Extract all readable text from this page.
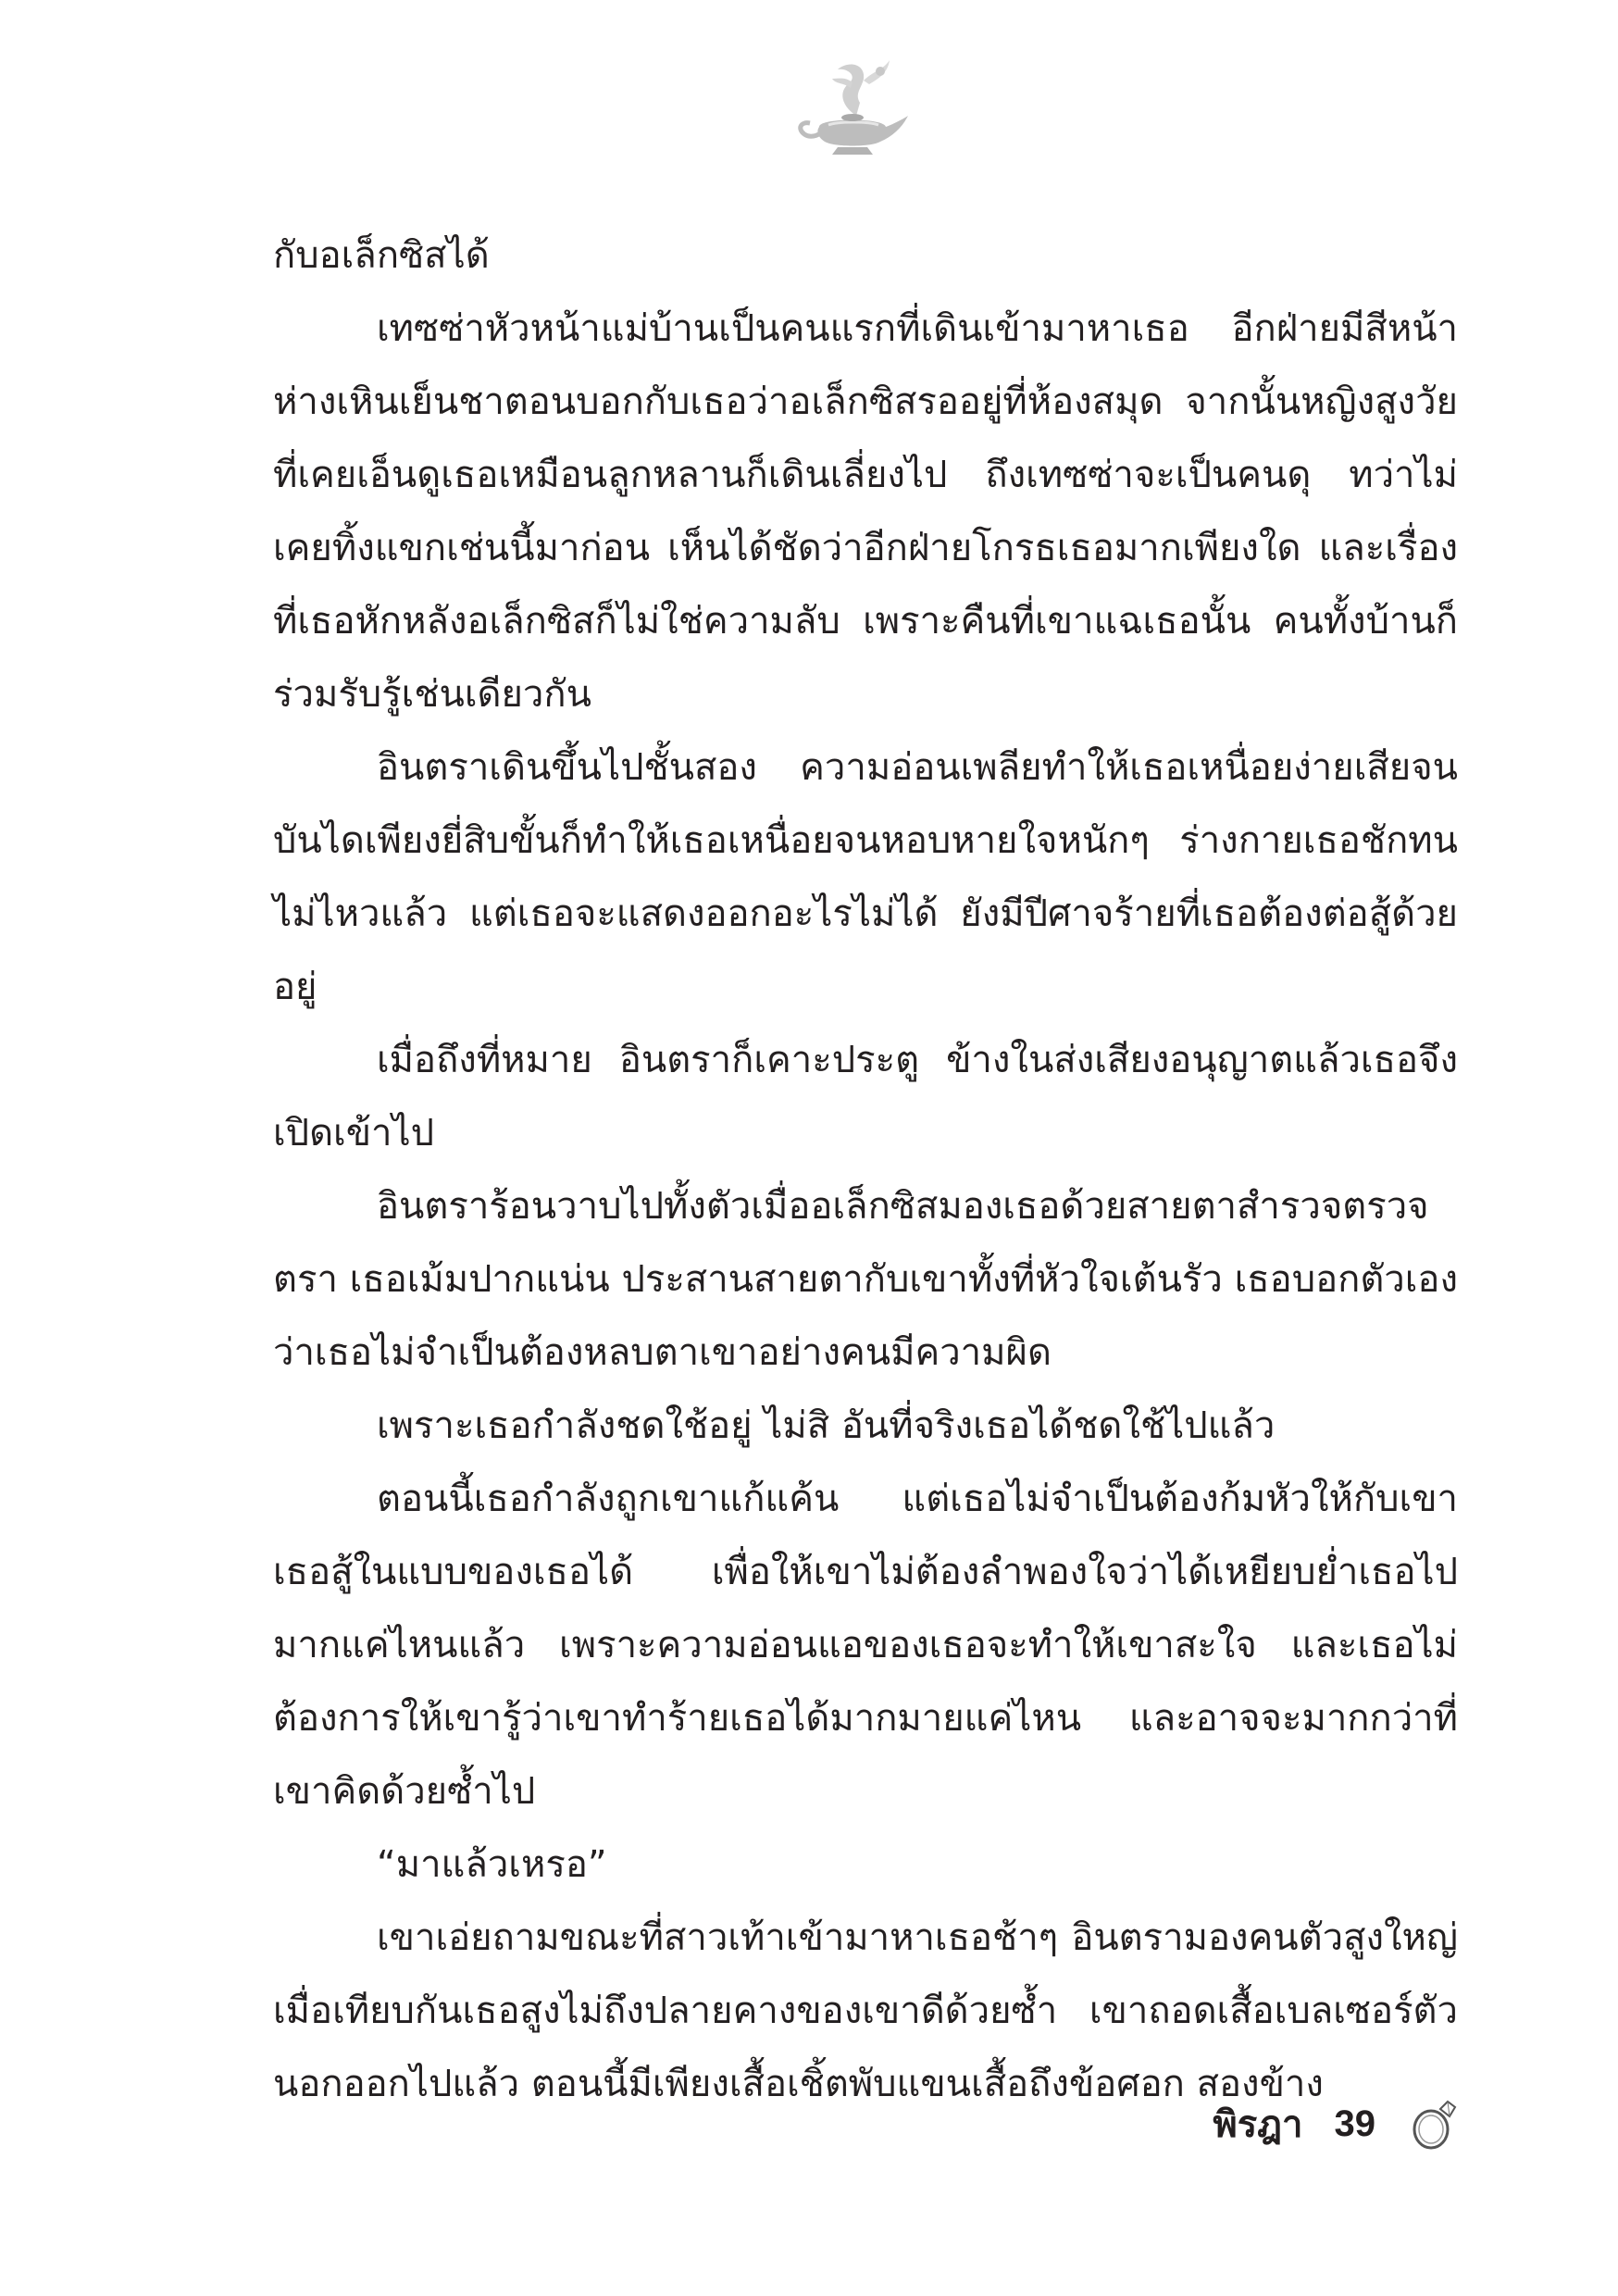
กับอเล็กซิสได้

เทซซ่าหัวหน้าแม่บ้านเป็นคนแรกที่เดินเข้ามาหาเธอ อีกฝ่ายมีสีหน้าห่างเหินเย็นชาตอนบอกกับเธอว่าอเล็กซิสรออยู่ที่ห้องสมุด จากนั้นหญิงสูงวัยที่เคยเอ็นดูเธอเหมือนลูกหลานก็เดินเลี่ยงไป ถึงเทซซ่าจะเป็นคนดุ ทว่าไม่เคยทิ้งแขกเช่นนี้มาก่อน เห็นได้ชัดว่าอีกฝ่ายโกรธเธอมากเพียงใด และเรื่องที่เธอหักหลังอเล็กซิสก็ไม่ใช่ความลับ เพราะคืนที่เขาแฉเธอนั้น คนทั้งบ้านก็ร่วมรับรู้เช่นเดียวกัน

อินตราเดินขึ้นไปชั้นสอง ความอ่อนเพลียทำให้เธอเหนื่อยง่ายเสียจนบันไดเพียงยี่สิบขั้นก็ทำให้เธอเหนื่อยจนหอบหายใจหนักๆ ร่างกายเธอชักทนไม่ไหวแล้ว แต่เธอจะแสดงออกอะไรไม่ได้ ยังมีปีศาจร้ายที่เธอต้องต่อสู้ด้วยอยู่

เมื่อถึงที่หมาย อินตราก็เคาะประตู ข้างในส่งเสียงอนุญาตแล้วเธอจึงเปิดเข้าไป

อินตราร้อนวาบไปทั้งตัวเมื่ออเล็กซิสมองเธอด้วยสายตาสำรวจตรวจตรา เธอเม้มปากแน่น ประสานสายตากับเขาทั้งที่หัวใจเต้นรัว เธอบอกตัวเองว่าเธอไม่จำเป็นต้องหลบตาเขาอย่างคนมีความผิด

เพราะเธอกำลังชดใช้อยู่ ไม่สิ อันที่จริงเธอได้ชดใช้ไปแล้ว

ตอนนี้เธอกำลังถูกเขาแก้แค้น แต่เธอไม่จำเป็นต้องก้มหัวให้กับเขา เธอสู้ในแบบของเธอได้ เพื่อให้เขาไม่ต้องลำพองใจว่าได้เหยียบย่ำเธอไปมากแค่ไหนแล้ว เพราะความอ่อนแอของเธอจะทำให้เขาสะใจ และเธอไม่ต้องการให้เขารู้ว่าเขาทำร้ายเธอได้มากมายแค่ไหน และอาจจะมากกว่าที่เขาคิดด้วยซ้ำไป

“มาแล้วเหรอ”

เขาเอ่ยถามขณะที่สาวเท้าเข้ามาหาเธอช้าๆ อินตรามองคนตัวสูงใหญ่เมื่อเทียบกันเธอสูงไม่ถึงปลายคางของเขาดีด้วยซ้ำ เขาถอดเสื้อเบลเซอร์ตัวนอกออกไปแล้ว ตอนนี้มีเพียงเสื้อเชิ้ตพับแขนเสื้อถึงข้อศอก สองข้าง

พิรฎา 39
